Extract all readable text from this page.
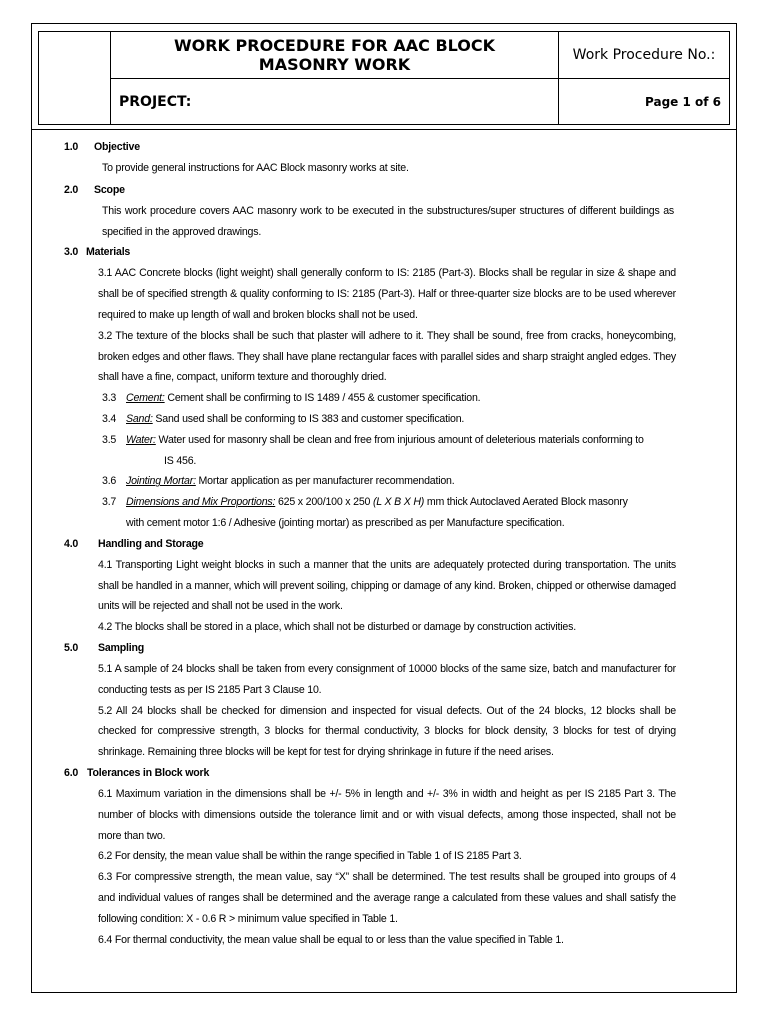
WORK PROCEDURE FOR AAC BLOCK
MASONRY WORK	Work Procedure No.:
PROJECT:	Page 1 of 6
1.0 Objective
To provide general instructions for AAC Block masonry works at site.
2.0 Scope
This work procedure covers AAC masonry work to be executed in the substructures/super structures of different buildings as specified in the approved drawings.
3.0 Materials
3.1 AAC Concrete blocks (light weight) shall generally conform to IS: 2185 (Part-3). Blocks shall be regular in size & shape and shall be of specified strength & quality conforming to IS: 2185 (Part-3). Half or three-quarter size blocks are to be used wherever required to make up length of wall and broken blocks shall not be used.
3.2 The texture of the blocks shall be such that plaster will adhere to it. They shall be sound, free from cracks, honeycombing, broken edges and other flaws. They shall have plane rectangular faces with parallel sides and sharp straight angled edges. They shall have a fine, compact, uniform texture and thoroughly dried.
3.3 Cement: Cement shall be confirming to IS 1489 / 455 & customer specification.
3.4 Sand: Sand used shall be conforming to IS 383 and customer specification.
3.5 Water: Water used for masonry shall be clean and free from injurious amount of deleterious materials conforming to
IS 456.
3.6 Jointing Mortar: Mortar application as per manufacturer recommendation.
3.7 Dimensions and Mix Proportions: 625 x 200/100 x 250 (L X B X H) mm thick Autoclaved Aerated Block masonry
with cement motor 1:6 / Adhesive (jointing mortar) as prescribed as per Manufacture specification.
4.0 Handling and Storage
4.1 Transporting Light weight blocks in such a manner that the units are adequately protected during transportation. The units shall be handled in a manner, which will prevent soiling, chipping or damage of any kind. Broken, chipped or otherwise damaged units will be rejected and shall not be used in the work.
4.2 The blocks shall be stored in a place, which shall not be disturbed or damage by construction activities.
5.0 Sampling
5.1 A sample of 24 blocks shall be taken from every consignment of 10000 blocks of the same size, batch and manufacturer for conducting tests as per IS 2185 Part 3 Clause 10.
5.2 All 24 blocks shall be checked for dimension and inspected for visual defects. Out of the 24 blocks, 12 blocks shall be checked for compressive strength, 3 blocks for thermal conductivity, 3 blocks for block density, 3 blocks for test of drying shrinkage. Remaining three blocks will be kept for test for drying shrinkage in future if the need arises.
6.0 Tolerances in Block work
6.1 Maximum variation in the dimensions shall be +/- 5% in length and +/- 3% in width and height as per IS 2185 Part 3. The number of blocks with dimensions outside the tolerance limit and or with visual defects, among those inspected, shall not be more than two.
6.2 For density, the mean value shall be within the range specified in Table 1 of IS 2185 Part 3.
6.3 For compressive strength, the mean value, say “X” shall be determined. The test results shall be grouped into groups of 4 and individual values of ranges shall be determined and the average range a calculated from these values and shall satisfy the following condition: X - 0.6 R > minimum value specified in Table 1.
6.4 For thermal conductivity, the mean value shall be equal to or less than the value specified in Table 1.
